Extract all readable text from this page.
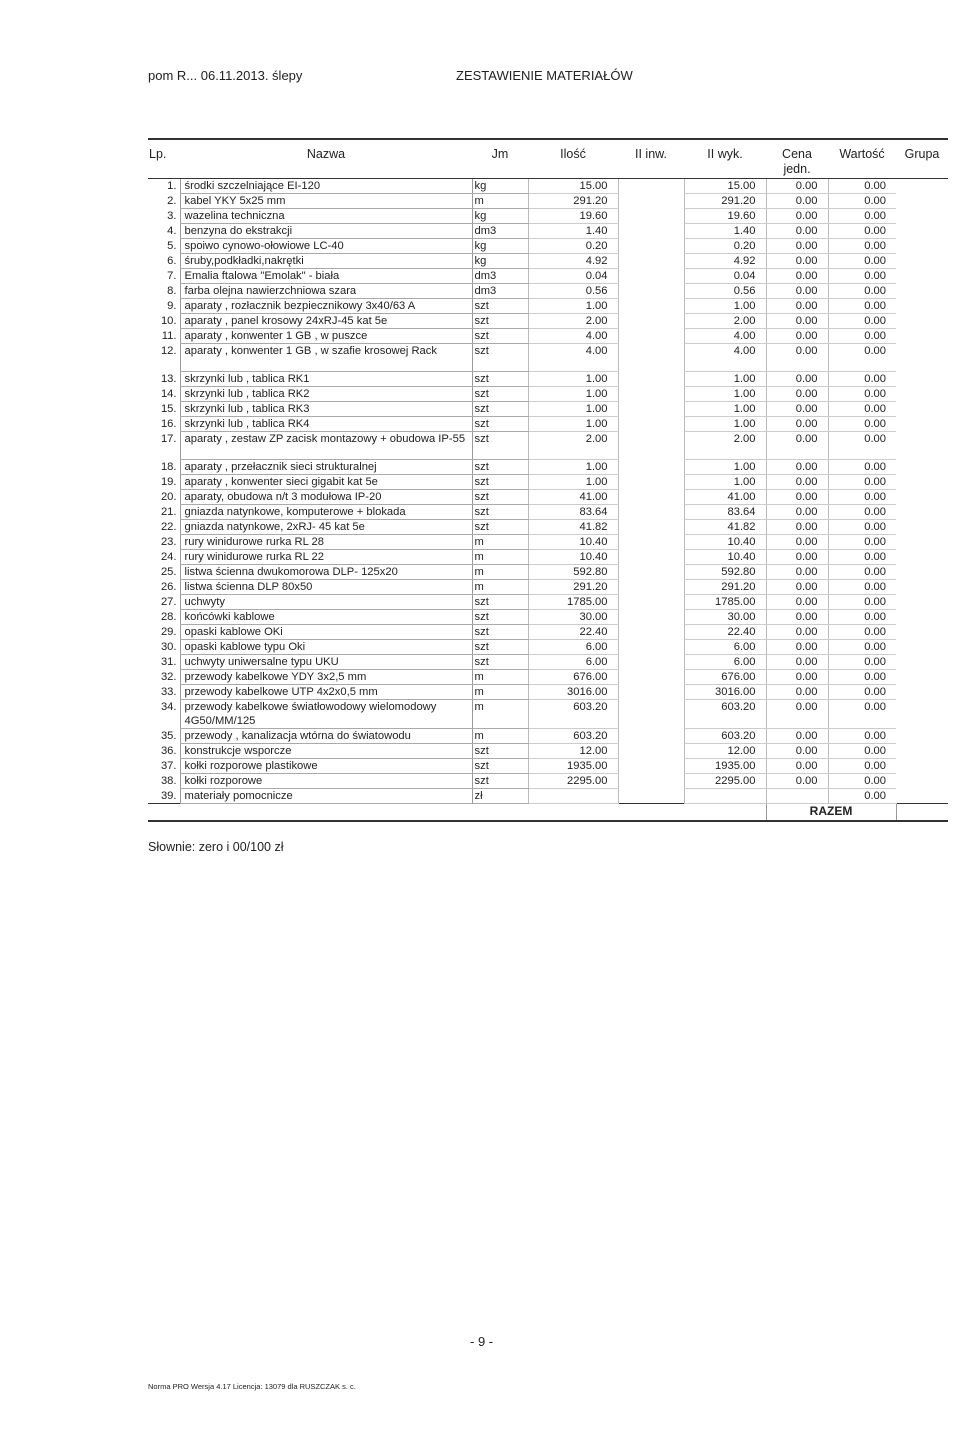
pom R... 06.11.2013. ślepy	ZESTAWIENIE MATERIAŁÓW
Lp.	Nazwa	Jm	Ilość	II inw.	II wyk.	Cena jedn.	Wartość	Grupa
1.	środki szczelniające EI-120	kg	15.00		15.00	0.00	0.00	
2.	kabel YKY 5x25 mm	m	291.20		291.20	0.00	0.00	
3.	wazelina techniczna	kg	19.60		19.60	0.00	0.00	
4.	benzyna do ekstrakcji	dm3	1.40		1.40	0.00	0.00	
5.	spoiwo cynowo-ołowiowe LC-40	kg	0.20		0.20	0.00	0.00	
6.	śruby,podkładki,nakrętki	kg	4.92		4.92	0.00	0.00	
7.	Emalia ftalowa "Emolak" - biała	dm3	0.04		0.04	0.00	0.00	
8.	farba olejna nawierzchniowa szara	dm3	0.56		0.56	0.00	0.00	
9.	aparaty , rozłacznik bezpiecznikowy 3x40/63 A	szt	1.00		1.00	0.00	0.00	
10.	aparaty , panel krosowy 24xRJ-45 kat 5e	szt	2.00		2.00	0.00	0.00	
11.	aparaty , konwenter 1 GB , w puszce	szt	4.00		4.00	0.00	0.00	
12.	aparaty , konwenter 1 GB , w szafie krosowej Rack	szt	4.00		4.00	0.00	0.00	
13.	skrzynki lub , tablica RK1	szt	1.00		1.00	0.00	0.00	
14.	skrzynki lub , tablica RK2	szt	1.00		1.00	0.00	0.00	
15.	skrzynki lub , tablica RK3	szt	1.00		1.00	0.00	0.00	
16.	skrzynki lub , tablica RK4	szt	1.00		1.00	0.00	0.00	
17.	aparaty , zestaw ZP zacisk montazowy + obudowa IP-55	szt	2.00		2.00	0.00	0.00	
18.	aparaty , przełacznik sieci strukturalnej	szt	1.00		1.00	0.00	0.00	
19.	aparaty , konwenter sieci gigabit kat 5e	szt	1.00		1.00	0.00	0.00	
20.	aparaty, obudowa n/t 3 modułowa IP-20	szt	41.00		41.00	0.00	0.00	
21.	gniazda natynkowe, komputerowe + blokada	szt	83.64		83.64	0.00	0.00	
22.	gniazda natynkowe, 2xRJ- 45 kat 5e	szt	41.82		41.82	0.00	0.00	
23.	rury winidurowe rurka RL 28	m	10.40		10.40	0.00	0.00	
24.	rury winidurowe rurka RL 22	m	10.40		10.40	0.00	0.00	
25.	listwa ścienna dwukomorowa DLP- 125x20	m	592.80		592.80	0.00	0.00	
26.	listwa ścienna DLP 80x50	m	291.20		291.20	0.00	0.00	
27.	uchwyty	szt	1785.00		1785.00	0.00	0.00	
28.	końcówki kablowe	szt	30.00		30.00	0.00	0.00	
29.	opaski kablowe OKi	szt	22.40		22.40	0.00	0.00	
30.	opaski kablowe typu Oki	szt	6.00		6.00	0.00	0.00	
31.	uchwyty uniwersalne typu UKU	szt	6.00		6.00	0.00	0.00	
32.	przewody kabelkowe YDY 3x2,5 mm	m	676.00		676.00	0.00	0.00	
33.	przewody kabelkowe UTP 4x2x0,5 mm	m	3016.00		3016.00	0.00	0.00	
34.	przewody kabelkowe światłowodowy wielomodowy 4G50/MM/125	m	603.20		603.20	0.00	0.00	
35.	przewody , kanalizacja wtórna do światowodu	m	603.20		603.20	0.00	0.00	
36.	konstrukcje wsporcze	szt	12.00		12.00	0.00	0.00	
37.	kołki rozporowe plastikowe	szt	1935.00		1935.00	0.00	0.00	
38.	kołki rozporowe	szt	2295.00		2295.00	0.00	0.00	
39.	materiały pomocnicze	zł					0.00	
						RAZEM		
Słownie: zero i 00/100 zł
- 9 -
Norma PRO Wersja 4.17 Licencja: 13079 dla RUSZCZAK s. c.
